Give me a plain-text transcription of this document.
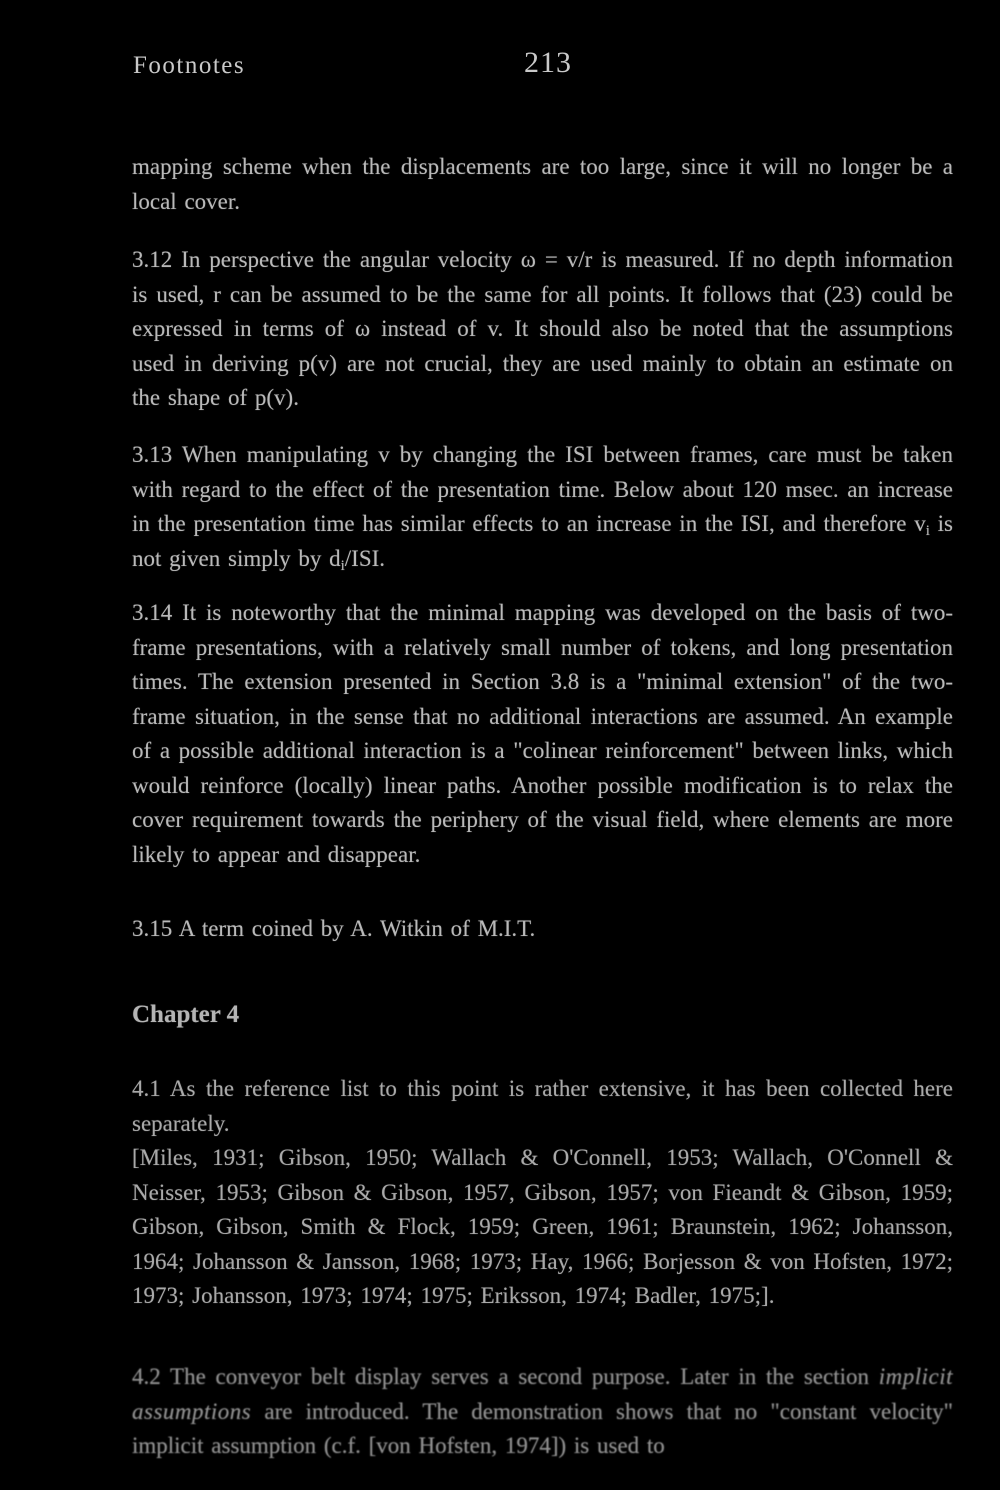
Footnotes	213

mapping scheme when the displacements are too large, since it will no longer be a local cover.

3.12 In perspective the angular velocity ω = v/r is measured. If no depth information is used, r can be assumed to be the same for all points. It follows that (23) could be expressed in terms of ω instead of v. It should also be noted that the assumptions used in deriving p(v) are not crucial, they are used mainly to obtain an estimate on the shape of p(v).

3.13 When manipulating v by changing the ISI between frames, care must be taken with regard to the effect of the presentation time. Below about 120 msec. an increase in the presentation time has similar effects to an increase in the ISI, and therefore $v_i$ is not given simply by $d_i$/ISI.

3.14 It is noteworthy that the minimal mapping was developed on the basis of two-frame presentations, with a relatively small number of tokens, and long presentation times. The extension presented in Section 3.8 is a "minimal extension" of the two-frame situation, in the sense that no additional interactions are assumed. An example of a possible additional interaction is a "colinear reinforcement" between links, which would reinforce (locally) linear paths. Another possible modification is to relax the cover requirement towards the periphery of the visual field, where elements are more likely to appear and disappear.

3.15 A term coined by A. Witkin of M.I.T.

Chapter 4

4.1 As the reference list to this point is rather extensive, it has been collected here separately.
[Miles, 1931; Gibson, 1950; Wallach & O'Connell, 1953; Wallach, O'Connell & Neisser, 1953; Gibson & Gibson, 1957, Gibson, 1957; von Fieandt & Gibson, 1959; Gibson, Gibson, Smith & Flock, 1959; Green, 1961; Braunstein, 1962; Johansson, 1964; Johansson & Jansson, 1968; 1973; Hay, 1966; Borjesson & von Hofsten, 1972; 1973; Johansson, 1973; 1974; 1975; Eriksson, 1974; Badler, 1975;].

4.2 The conveyor belt display serves a second purpose. Later in the section implicit assumptions are introduced. The demonstration shows that no "constant velocity" implicit assumption (c.f. [von Hofsten, 1974]) is used to
